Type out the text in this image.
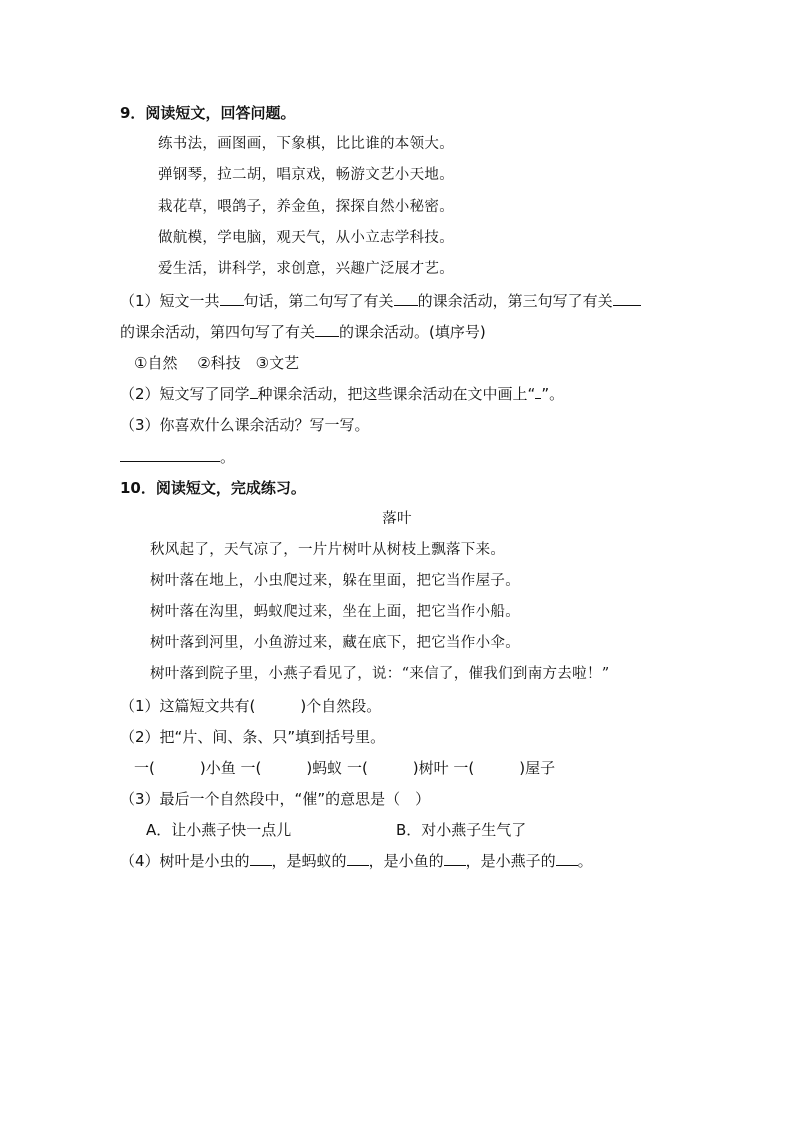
9．阅读短文，回答问题。
练书法，画图画，下象棋，比比谁的本领大。
弹钢琴，拉二胡，唱京戏，畅游文艺小天地。
栽花草，喂鸽子，养金鱼，探探自然小秘密。
做航模，学电脑，观天气，从小立志学科技。
爱生活，讲科学，求创意，兴趣广泛展才艺。
（1）短文一共 句话，第二句写了有关 的课余活动，第三句写了有关
的课余活动，第四句写了有关 的课余活动。(填序号)
①自然　 ②科技　③文艺
（2）短文写了同学 种课余活动，把这些课余活动在文中画上“ ”。
（3）你喜欢什么课余活动？写一写。
。
10．阅读短文，完成练习。
落叶
秋风起了，天气凉了，一片片树叶从树枝上飘落下来。
树叶落在地上，小虫爬过来，躲在里面，把它当作屋子。
树叶落在沟里，蚂蚁爬过来，坐在上面，把它当作小船。
树叶落到河里，小鱼游过来，藏在底下，把它当作小伞。
树叶落到院子里，小燕子看见了，说：“来信了，催我们到南方去啦！”
（1）这篇短文共有(　　　)个自然段。
（2）把“片、间、条、只”填到括号里。
一(　　　)小鱼 一(　　　)蚂蚁 一(　　　)树叶 一(　　　)屋子
（3）最后一个自然段中，“催”的意思是（　）
A．让小燕子快一点儿	B．对小燕子生气了
（4）树叶是小虫的 ，是蚂蚁的 ，是小鱼的 ，是小燕子的 。
